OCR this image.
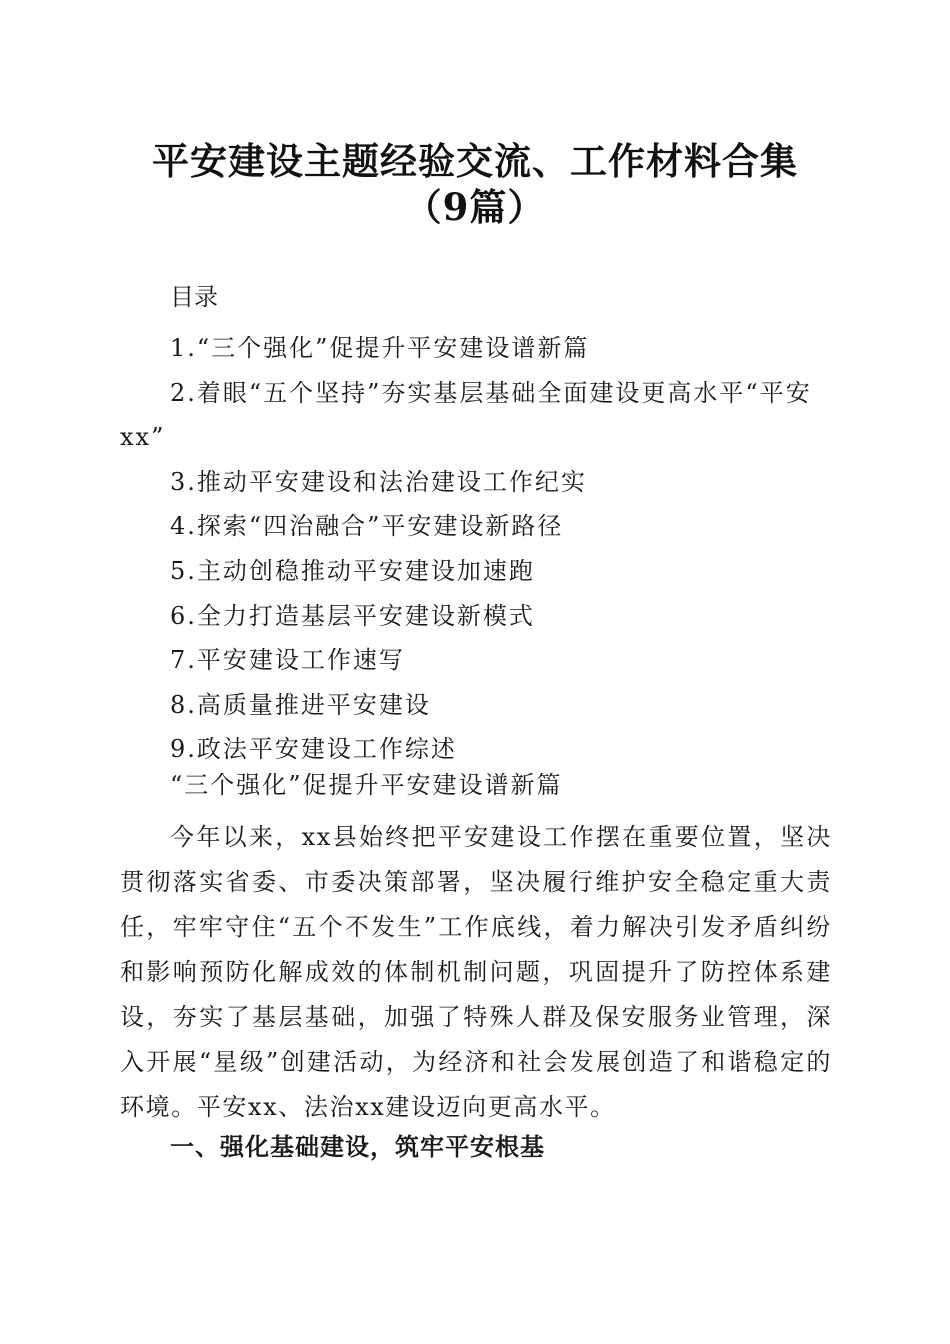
平安建设主题经验交流、工作材料合集（9篇）
目录
1.“三个强化”促提升平安建设谱新篇
2.着眼“五个坚持”夯实基层基础全面建设更高水平“平安xx”
3.推动平安建设和法治建设工作纪实
4.探索“四治融合”平安建设新路径
5.主动创稳推动平安建设加速跑
6.全力打造基层平安建设新模式
7.平安建设工作速写
8.高质量推进平安建设
9.政法平安建设工作综述
“三个强化”促提升平安建设谱新篇

今年以来，xx县始终把平安建设工作摆在重要位置，坚决贯彻落实省委、市委决策部署，坚决履行维护安全稳定重大责任，牢牢守住“五个不发生”工作底线，着力解决引发矛盾纠纷和影响预防化解成效的体制机制问题，巩固提升了防控体系建设，夯实了基层基础，加强了特殊人群及保安服务业管理，深入开展“星级”创建活动，为经济和社会发展创造了和谐稳定的环境。平安xx、法治xx建设迈向更高水平。

一、强化基础建设，筑牢平安根基
